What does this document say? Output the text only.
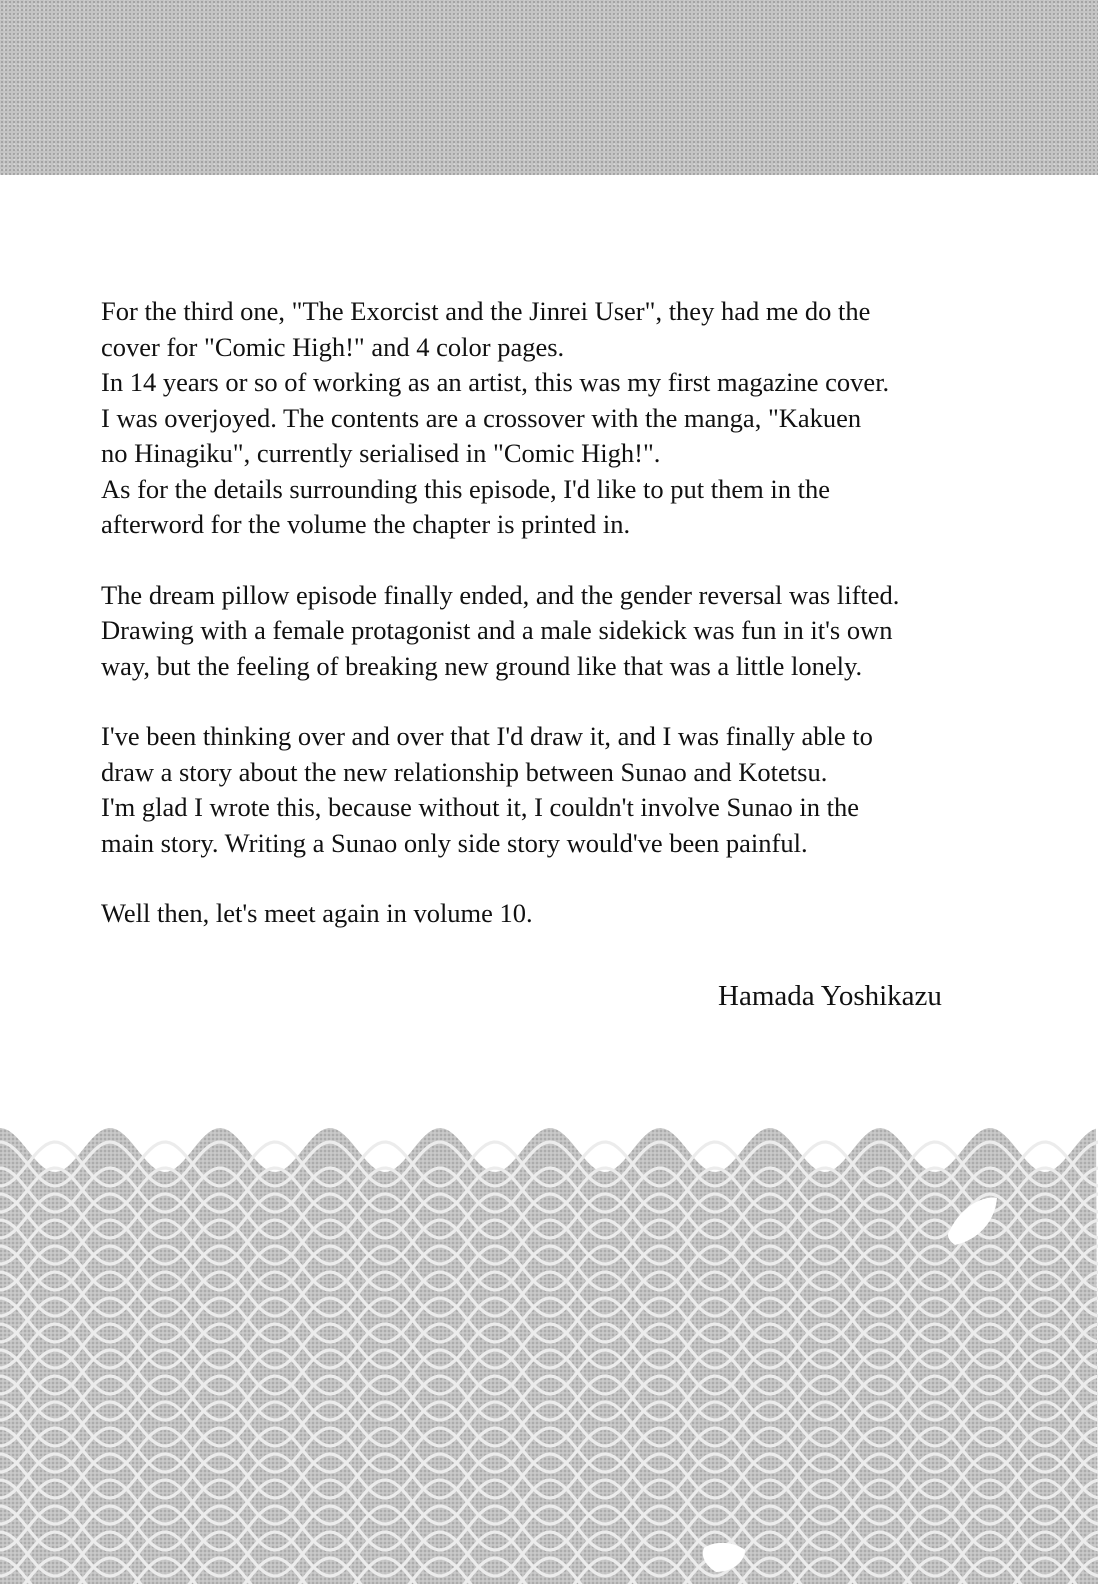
For the third one, "The Exorcist and the Jinrei User", they had me do the
cover for "Comic High!" and 4 color pages.
In 14 years or so of working as an artist, this was my first magazine cover.
I was overjoyed. The contents are a crossover with the manga, "Kakuen
no Hinagiku", currently serialised in "Comic High!".
As for the details surrounding this episode, I'd like to put them in the
afterword for the volume the chapter is printed in.
The dream pillow episode finally ended, and the gender reversal was lifted.
Drawing with a female protagonist and a male sidekick was fun in it's own
way, but the feeling of breaking new ground like that was a little lonely.
I've been thinking over and over that I'd draw it, and I was finally able to
draw a story about the new relationship between Sunao and Kotetsu.
I'm glad I wrote this, because without it, I couldn't involve Sunao in the
main story. Writing a Sunao only side story would've been painful.
Well then, let's meet again in volume 10.
Hamada Yoshikazu
